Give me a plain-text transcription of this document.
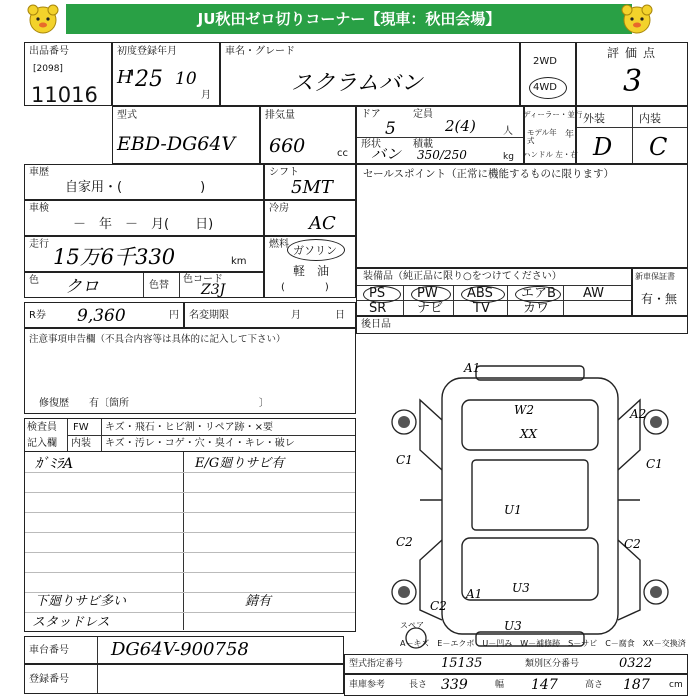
JU秋田ゼロ切りコーナー【現車：秋田会場】
出品番号
[2098]
11016
初度登録年月
H
'25 10
月
車名・グレード
スクラムバン
2WD
4WD
評価点
3
型式
EBD-DG64V
排気量
660	cc
ドア
5
定員
2(4)	人
形状
バン
積載
350/250	kg
ディーラー・並行
モデル年式	年
ハンドル 左・右
外装	内装
D C
車歴
自家用・(　　　　　　)
シフト
5MT
車検
－　年　－　月(　　日)
冷房
AC
走行
15万6千330	km
燃料 ガソリン
軽　油
(　　　　)
色 クロ	色替
色コード
Z3J
R券 9,360	円 名変期限	月	日
セールスポイント（正常に機能するものに限ります）
装備品（純正品に限り○をつけてください）
PS PW ABS エアB AW
SR ナビ TV	カワ
新車保証書
有・無
後日品
注意事項申告欄（不具合内容等は具体的に記入して下さい）
修復歴　　有〔箇所　　　　　　　　　　　　　〕
検査員
記入欄
FW キズ・飛石・ヒビ割・リペア跡・×要
内装 キズ・汚レ・コゲ・穴・臭イ・キレ・破レ
ｶﾞﾐﾗA	E/G廻りサビ有
下廻りサビ多い	錆有
スタッドレス
A1
W2	A2
XX
C1	C1
U1
C2	C2
U3
C2
A1
U3
スペア
A－キズ　E－エクボ　U－凹み　W－補修跡　S－サビ　C－腐食　XX－交換済
車台番号 DG64V-900758
登録番号
型式指定番号	15135	類別区分番号	0322
車庫参考	長さ 339	幅 147	高さ 187 cm
